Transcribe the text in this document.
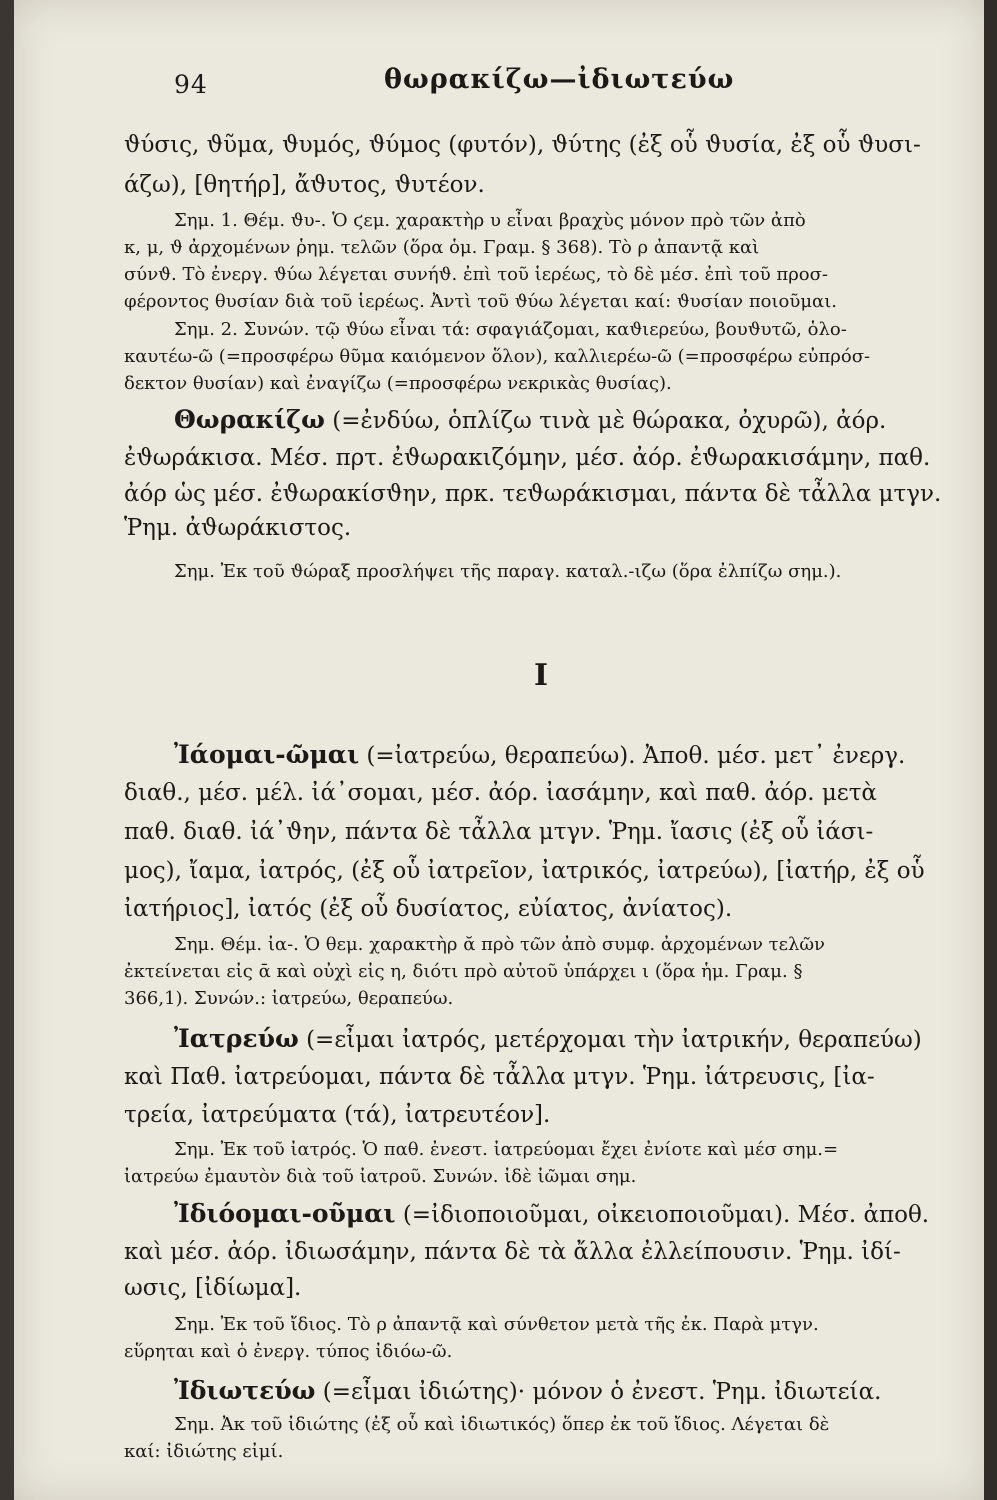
94	θωρακίζω—ἰδιωτεύω
ϑύσις, ϑῦμα, ϑυμός, ϑύμος (φυτόν), ϑύτης (ἐξ οὗ ϑυσία, ἐξ οὗ ϑυσι-
άζω), [θητήρ], ἄϑυτος, ϑυτέον.
Σημ. 1. Θέμ. ϑυ-. Ὁ ϛεμ. χαρακτὴρ υ εἶναι βραχὺς μόνον πρὸ τῶν ἀπὸ
κ, μ, ϑ ἀρχομένων ῥημ. τελῶν (ὅρα ὁμ. Γραμ. § 368). Τὸ ρ ἀπαντᾷ καὶ
σύνϑ. Τὸ ἐνεργ. ϑύω λέγεται συνήϑ. ἐπὶ τοῦ ἱερέως, τὸ δὲ μέσ. ἐπὶ τοῦ προσ-
φέροντος θυσίαν διὰ τοῦ ἱερέως. Ἀντὶ τοῦ ϑύω λέγεται καί: ϑυσίαν ποιοῦμαι.
Σημ. 2. Συνών. τῷ ϑύω εἶναι τά: σφαγιάζομαι, καϑιερεύω, βουϑυτῶ, ὁλο-
καυτέω-ῶ (=προσφέρω θῦμα καιόμενον ὅλον), καλλιερέω-ῶ (=προσφέρω εὐπρόσ-
δεκτον θυσίαν) καὶ ἐναγίζω (=προσφέρω νεκρικὰς θυσίας).
Θωρακίζω (=ἐνδύω, ὁπλίζω τινὰ μὲ θώρακα, ὀχυρῶ), ἀόρ.
ἐϑωράκισα. Μέσ. πρτ. ἐϑωρακιζόμην, μέσ. ἀόρ. ἐϑωρακισάμην, παθ.
ἀόρ ὡς μέσ. ἐϑωρακίσϑην, πρκ. τεϑωράκισμαι, πάντα δὲ τἆλλα μτγν.
Ῥημ. ἀϑωράκιστος.
Σημ. Ἐκ τοῦ ϑώραξ προσλήψει τῆς παραγ. καταλ.-ιζω (ὅρα ἐλπίζω σημ.).
Ι
Ἰάομαι-ῶμαι (=ἰατρεύω, θεραπεύω). Ἀποθ. μέσ. μετ᾽ ἐνεργ.
διαθ., μέσ. μέλ. ἰά᾽σομαι, μέσ. ἀόρ. ἰασάμην, καὶ παθ. ἀόρ. μετὰ
παθ. διαθ. ἰά᾽ϑην, πάντα δὲ τἆλλα μτγν. Ῥημ. ἴασις (ἐξ οὗ ἰάσι-
μος), ἴαμα, ἰατρός, (ἐξ οὗ ἰατρεῖον, ἰατρικός, ἰατρεύω), [ἰατήρ, ἐξ οὗ
ἰατήριος], ἰατός (ἐξ οὗ δυσίατος, εὐίατος, ἀνίατος).
Σημ. Θέμ. ἰα-. Ὁ θεμ. χαρακτὴρ ᾰ πρὸ τῶν ἀπὸ συμφ. ἀρχομένων τελῶν
ἐκτείνεται εἰς ᾱ καὶ οὐχὶ εἰς η, διότι πρὸ αὐτοῦ ὑπάρχει ι (ὅρα ἡμ. Γραμ. §
366,1). Συνών.: ἰατρεύω, θεραπεύω.
Ἰατρεύω (=εἶμαι ἰατρός, μετέρχομαι τὴν ἰατρικήν, θεραπεύω)
καὶ Παθ. ἰατρεύομαι, πάντα δὲ τἆλλα μτγν. Ῥημ. ἰάτρευσις, [ἰα-
τρεία, ἰατρεύματα (τά), ἰατρευτέον].
Σημ. Ἐκ τοῦ ἰατρός. Ὁ παθ. ἐνεστ. ἰατρεύομαι ἔχει ἐνίοτε καὶ μέσ σημ.=
ἰατρεύω ἐμαυτὸν διὰ τοῦ ἰατροῦ. Συνών. ἰδὲ ἰῶμαι σημ.
Ἰδιόομαι-οῦμαι (=ἰδιοποιοῦμαι, οἰκειοποιοῦμαι). Μέσ. ἀποθ.
καὶ μέσ. ἀόρ. ἰδιωσάμην, πάντα δὲ τὰ ἄλλα ἐλλείπουσιν. Ῥημ. ἰδί-
ωσις, [ἰδίωμα].
Σημ. Ἐκ τοῦ ἴδιος. Τὸ ρ ἀπαντᾷ καὶ σύνθετον μετὰ τῆς ἐκ. Παρὰ μτγν.
εὕρηται καὶ ὁ ἐνεργ. τύπος ἰδιόω-ῶ.
Ἰδιωτεύω (=εἶμαι ἰδιώτης)· μόνον ὁ ἐνεστ. Ῥημ. ἰδιωτεία.
Σημ. Ἀκ τοῦ ἰδιώτης (ἐξ οὗ καὶ ἰδιωτικός) ὅπερ ἐκ τοῦ ἴδιος. Λέγεται δὲ
καί: ἰδιώτης εἰμί.
